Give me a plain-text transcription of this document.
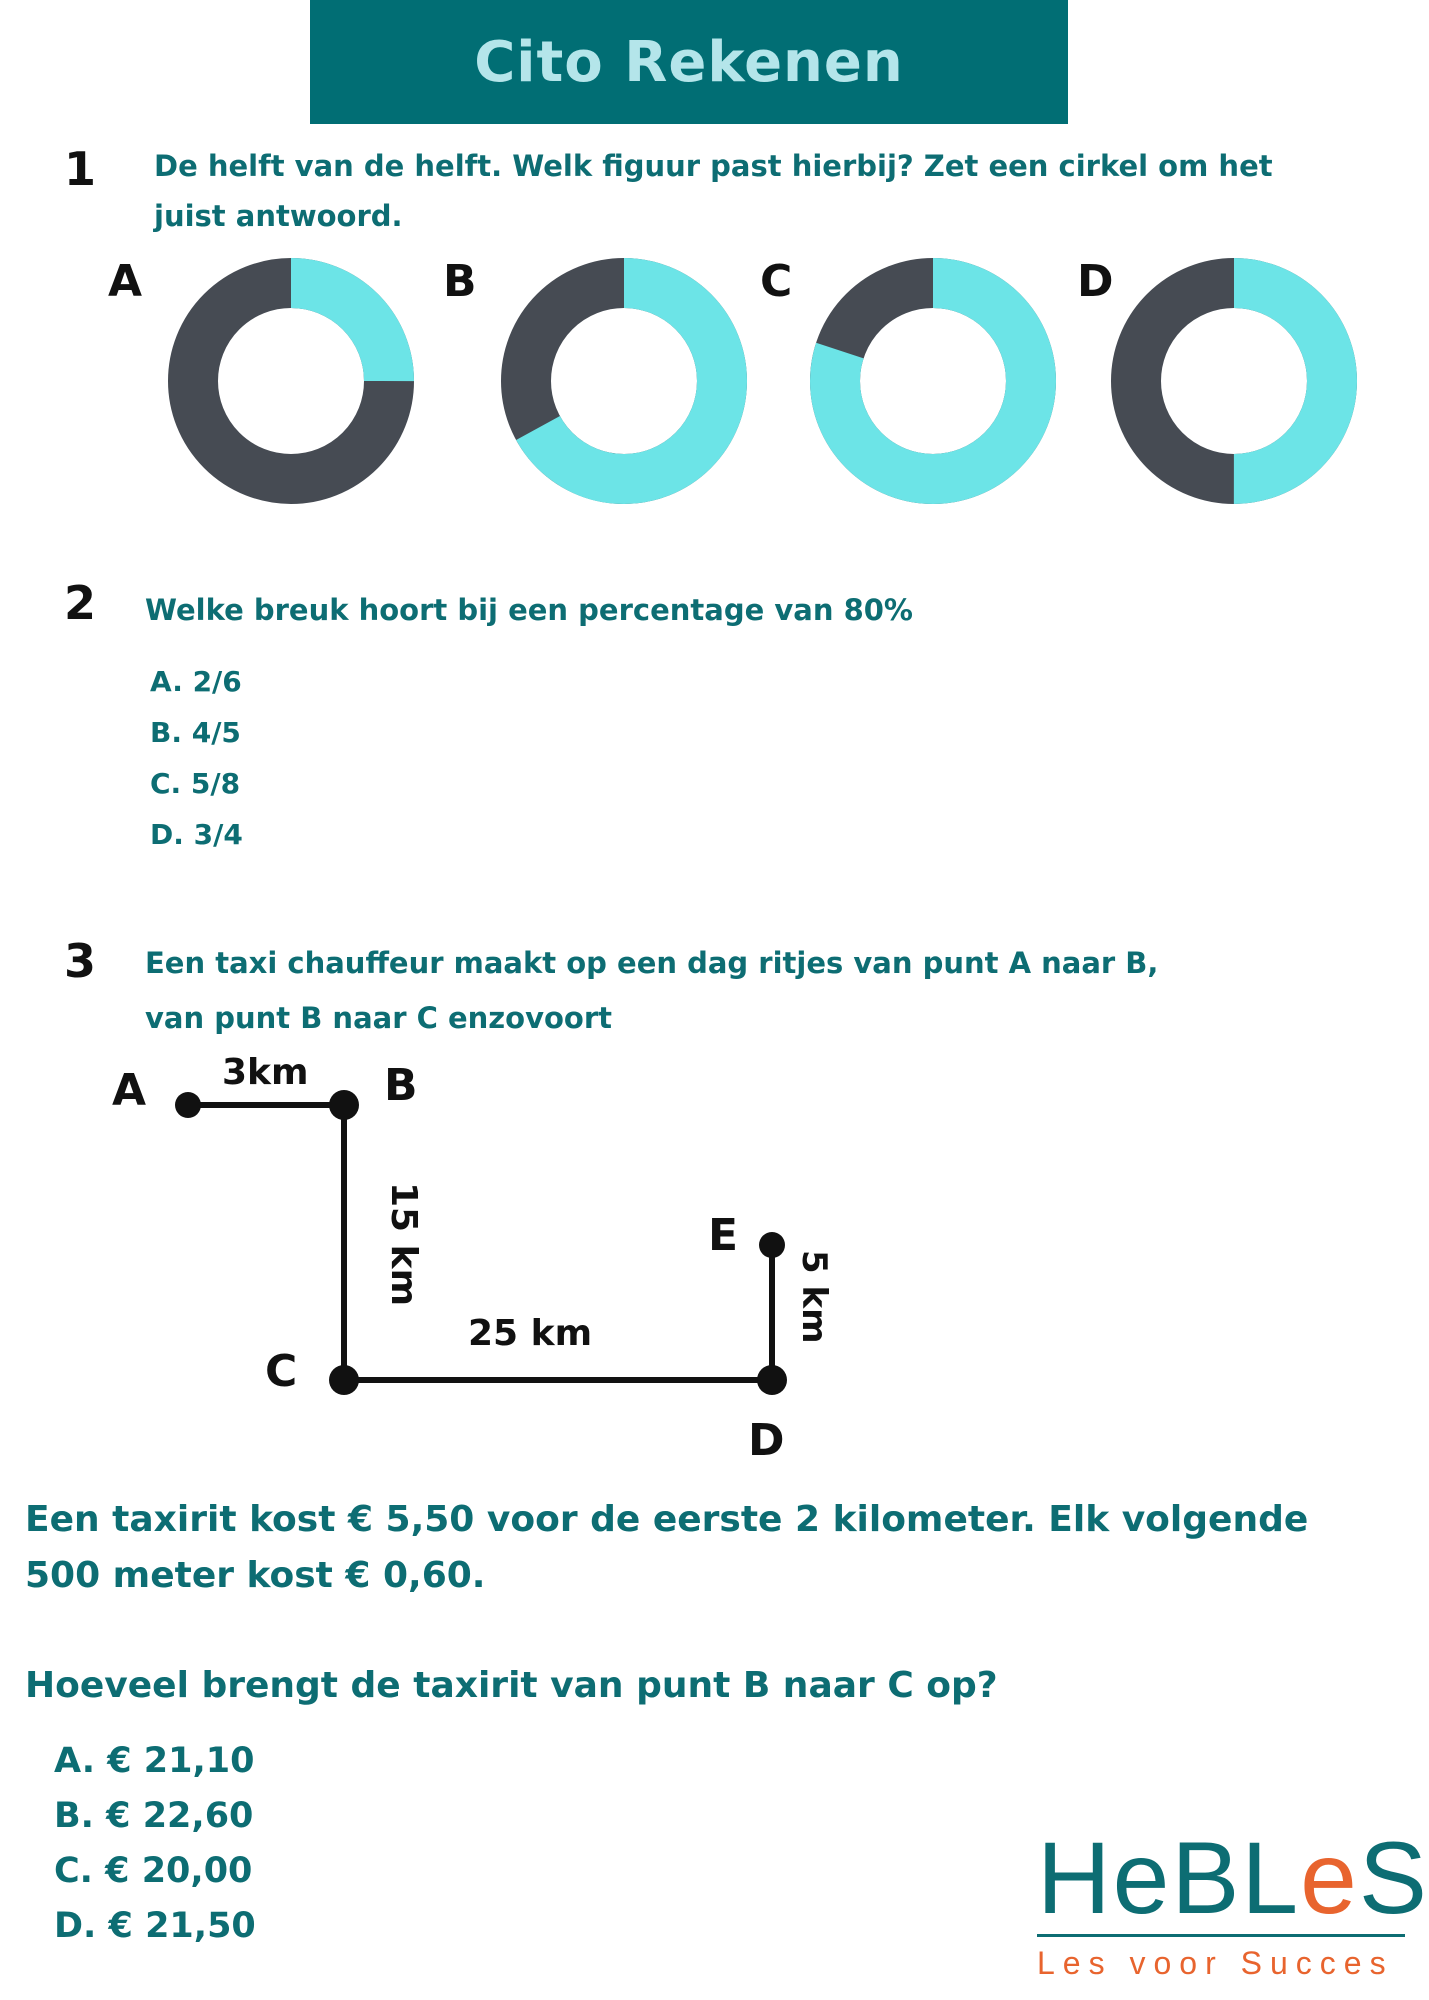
Cito Rekenen
1 De helft van de helft. Welk figuur past hierbij? Zet een cirkel om het juist antwoord.
A	B	C	D
2 Welke breuk hoort bij een percentage van 80%
A. 2/6
B. 4/5
C. 5/8
D. 3/4
3 Een taxi chauffeur maakt op een dag ritjes van punt A naar B,
van punt B naar C enzovoort
A	B
C
D
E
3km
15 km
25 km	5 km
Een taxirit kost € 5,50 voor de eerste 2 kilometer. Elk volgende
500 meter kost € 0,60.
Hoeveel brengt de taxirit van punt B naar C op?
A. € 21,10
B. € 22,60
C. € 20,00
D. € 21,50	HeBLeS
Les voor Succes
